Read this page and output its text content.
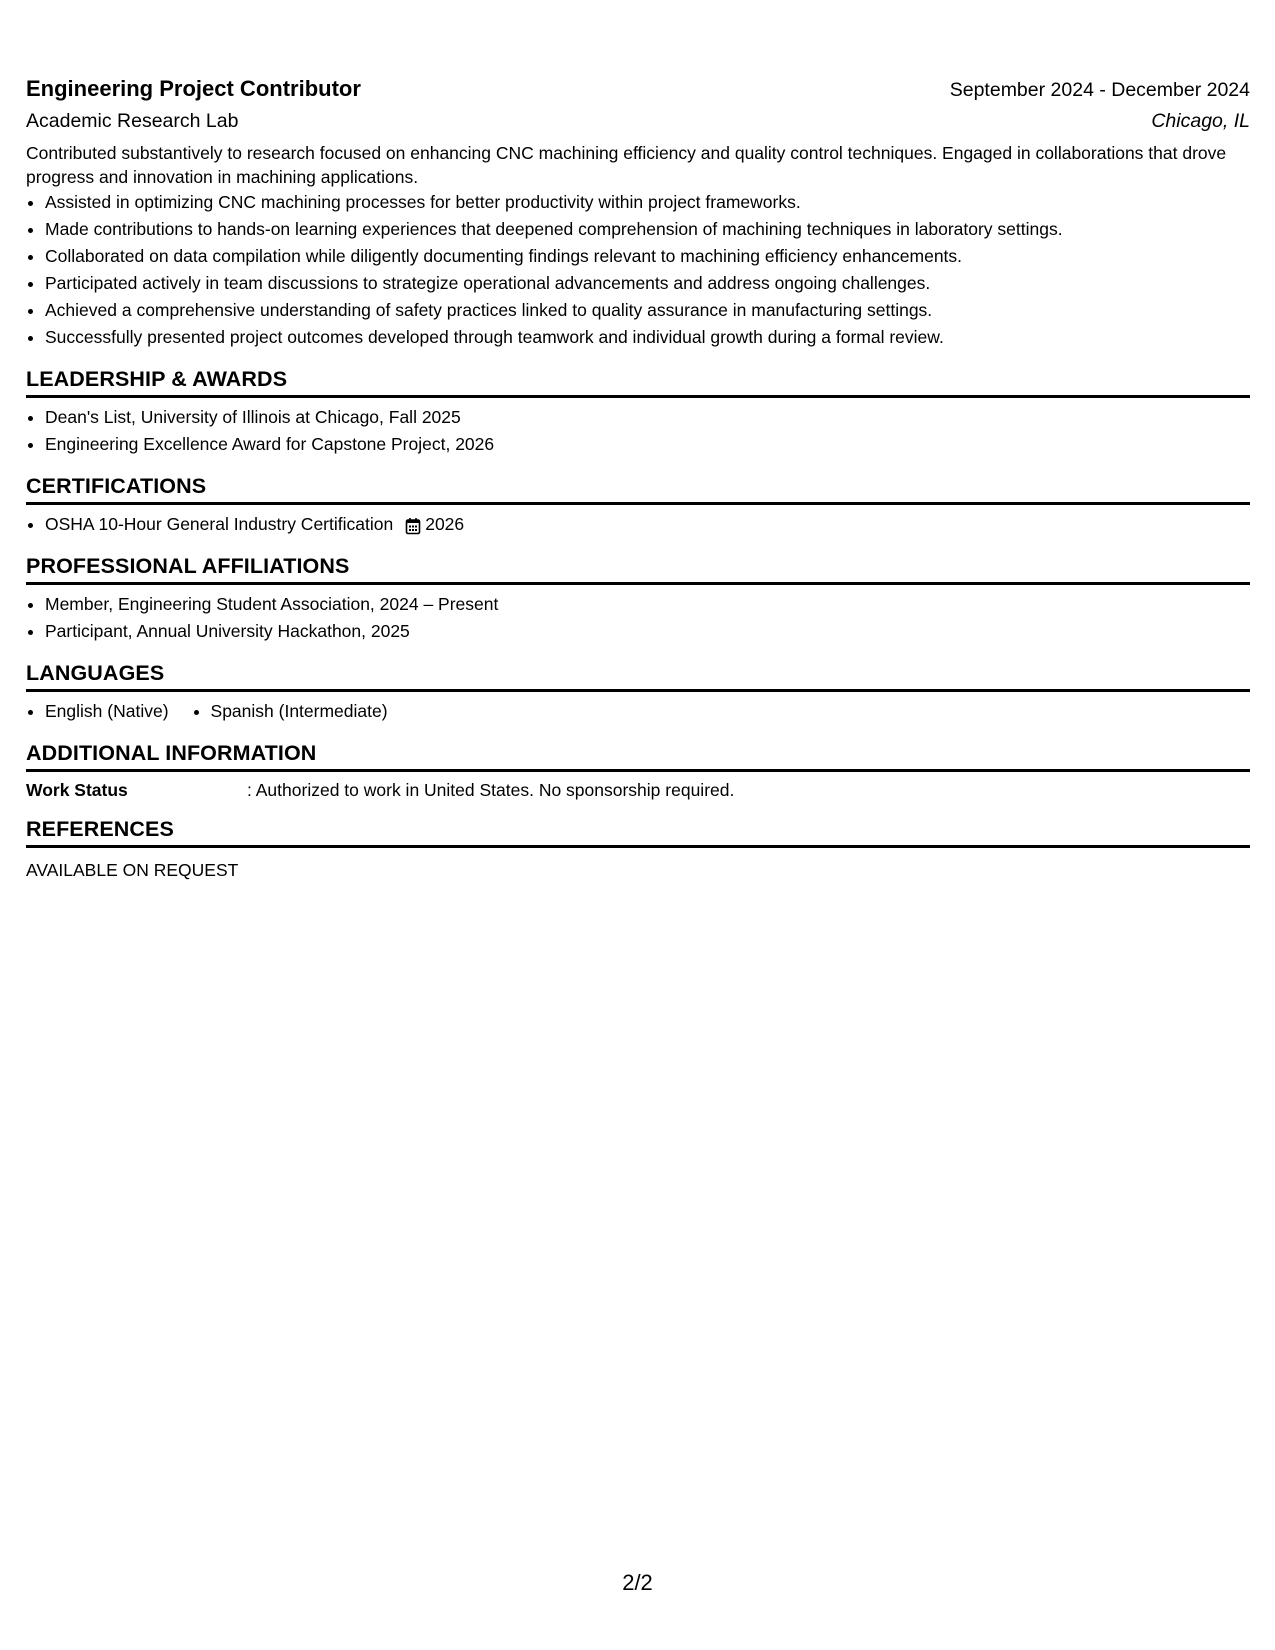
Engineering Project Contributor	September 2024 - December 2024
Academic Research Lab	Chicago, IL
Contributed substantively to research focused on enhancing CNC machining efficiency and quality control techniques. Engaged in collaborations that drove progress and innovation in machining applications.
• Assisted in optimizing CNC machining processes for better productivity within project frameworks.
• Made contributions to hands-on learning experiences that deepened comprehension of machining techniques in laboratory settings.
• Collaborated on data compilation while diligently documenting findings relevant to machining efficiency enhancements.
• Participated actively in team discussions to strategize operational advancements and address ongoing challenges.
• Achieved a comprehensive understanding of safety practices linked to quality assurance in manufacturing settings.
• Successfully presented project outcomes developed through teamwork and individual growth during a formal review.
LEADERSHIP & AWARDS
• Dean's List, University of Illinois at Chicago, Fall 2025
• Engineering Excellence Award for Capstone Project, 2026
CERTIFICATIONS
• OSHA 10-Hour General Industry Certification 2026
PROFESSIONAL AFFILIATIONS
• Member, Engineering Student Association, 2024 – Present
• Participant, Annual University Hackathon, 2025
LANGUAGES
• English (Native)
• Spanish (Intermediate)
ADDITIONAL INFORMATION
Work Status	: Authorized to work in United States. No sponsorship required.
REFERENCES
AVAILABLE ON REQUEST
2/2
